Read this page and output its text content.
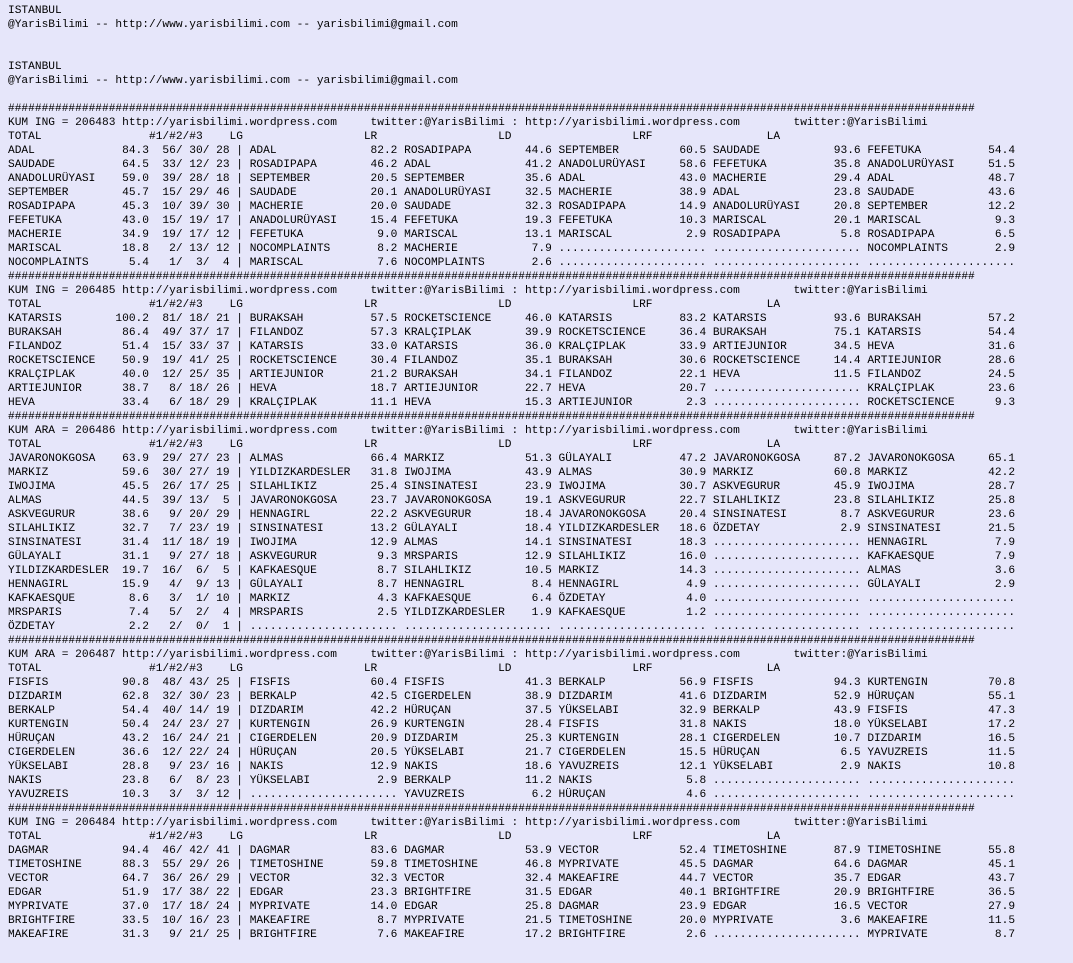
ISTANBUL
@YarisBilimi -- http://www.yarisbilimi.com -- yarisbilimi@gmail.com
ISTANBUL
@YarisBilimi -- http://www.yarisbilimi.com -- yarisbilimi@gmail.com
################################################################################################################################################
KUM ING = 206483 http://yarisbilimi.wordpress.com     twitter:@YarisBilimi : http://yarisbilimi.wordpress.com        twitter:@YarisBilimi
TOTAL                #1/#2/#3    LG                  LR                  LD                  LRF                 LA
ADAL             84.3  56/ 30/ 28 | ADAL              82.2 ROSADIPAPA        44.6 SEPTEMBER         60.5 SAUDADE           93.6 FEFETUKA          54.4
SAUDADE          64.5  33/ 12/ 23 | ROSADIPAPA        46.2 ADAL              41.2 ANADOLURÜYASI     58.6 FEFETUKA          35.8 ANADOLURÜYASI     51.5
ANADOLURÜYASI    59.0  39/ 28/ 18 | SEPTEMBER         20.5 SEPTEMBER         35.6 ADAL              43.0 MACHERIE          29.4 ADAL              48.7
SEPTEMBER        45.7  15/ 29/ 46 | SAUDADE           20.1 ANADOLURÜYASI     32.5 MACHERIE          38.9 ADAL              23.8 SAUDADE           43.6
ROSADIPAPA       45.3  10/ 39/ 30 | MACHERIE          20.0 SAUDADE           32.3 ROSADIPAPA        14.9 ANADOLURÜYASI     20.8 SEPTEMBER         12.2
FEFETUKA         43.0  15/ 19/ 17 | ANADOLURÜYASI     15.4 FEFETUKA          19.3 FEFETUKA          10.3 MARISCAL          20.1 MARISCAL           9.3
MACHERIE         34.9  19/ 17/ 12 | FEFETUKA           9.0 MARISCAL          13.1 MARISCAL           2.9 ROSADIPAPA         5.8 ROSADIPAPA         6.5
MARISCAL         18.8   2/ 13/ 12 | NOCOMPLAINTS       8.2 MACHERIE           7.9 ...................... ...................... NOCOMPLAINTS       2.9
NOCOMPLAINTS      5.4   1/  3/  4 | MARISCAL           7.6 NOCOMPLAINTS       2.6 ...................... ...................... ......................
################################################################################################################################################
KUM ING = 206485 http://yarisbilimi.wordpress.com     twitter:@YarisBilimi : http://yarisbilimi.wordpress.com        twitter:@YarisBilimi
TOTAL                #1/#2/#3    LG                  LR                  LD                  LRF                 LA
KATARSIS        100.2  81/ 18/ 21 | BURAKSAH          57.5 ROCKETSCIENCE     46.0 KATARSIS          83.2 KATARSIS          93.6 BURAKSAH          57.2
BURAKSAH         86.4  49/ 37/ 17 | FILANDOZ          57.3 KRALÇIPLAK        39.9 ROCKETSCIENCE     36.4 BURAKSAH          75.1 KATARSIS          54.4
FILANDOZ         51.4  15/ 33/ 37 | KATARSIS          33.0 KATARSIS          36.0 KRALÇIPLAK        33.9 ARTIEJUNIOR       34.5 HEVA              31.6
ROCKETSCIENCE    50.9  19/ 41/ 25 | ROCKETSCIENCE     30.4 FILANDOZ          35.1 BURAKSAH          30.6 ROCKETSCIENCE     14.4 ARTIEJUNIOR       28.6
KRALÇIPLAK       40.0  12/ 25/ 35 | ARTIEJUNIOR       21.2 BURAKSAH          34.1 FILANDOZ          22.1 HEVA              11.5 FILANDOZ          24.5
ARTIEJUNIOR      38.7   8/ 18/ 26 | HEVA              18.7 ARTIEJUNIOR       22.7 HEVA              20.7 ...................... KRALÇIPLAK        23.6
HEVA             33.4   6/ 18/ 29 | KRALÇIPLAK        11.1 HEVA              15.3 ARTIEJUNIOR        2.3 ...................... ROCKETSCIENCE      9.3
################################################################################################################################################
KUM ARA = 206486 http://yarisbilimi.wordpress.com     twitter:@YarisBilimi : http://yarisbilimi.wordpress.com        twitter:@YarisBilimi
TOTAL                #1/#2/#3    LG                  LR                  LD                  LRF                 LA
JAVARONOKGOSA    63.9  29/ 27/ 23 | ALMAS             66.4 MARKIZ            51.3 GÜLAYALI          47.2 JAVARONOKGOSA     87.2 JAVARONOKGOSA     65.1
MARKIZ           59.6  30/ 27/ 19 | YILDIZKARDESLER   31.8 IWOJIMA           43.9 ALMAS             30.9 MARKIZ            60.8 MARKIZ            42.2
IWOJIMA          45.5  26/ 17/ 25 | SILAHLIKIZ        25.4 SINSINATESI       23.9 IWOJIMA           30.7 ASKVEGURUR        45.9 IWOJIMA           28.7
ALMAS            44.5  39/ 13/  5 | JAVARONOKGOSA     23.7 JAVARONOKGOSA     19.1 ASKVEGURUR        22.7 SILAHLIKIZ        23.8 SILAHLIKIZ        25.8
ASKVEGURUR       38.6   9/ 20/ 29 | HENNAGIRL         22.2 ASKVEGURUR        18.4 JAVARONOKGOSA     20.4 SINSINATESI        8.7 ASKVEGURUR        23.6
SILAHLIKIZ       32.7   7/ 23/ 19 | SINSINATESI       13.2 GÜLAYALI          18.4 YILDIZKARDESLER   18.6 ÖZDETAY            2.9 SINSINATESI       21.5
SINSINATESI      31.4  11/ 18/ 19 | IWOJIMA           12.9 ALMAS             14.1 SINSINATESI       18.3 ...................... HENNAGIRL          7.9
GÜLAYALI         31.1   9/ 27/ 18 | ASKVEGURUR         9.3 MRSPARIS          12.9 SILAHLIKIZ        16.0 ...................... KAFKAESQUE         7.9
YILDIZKARDESLER  19.7  16/  6/  5 | KAFKAESQUE         8.7 SILAHLIKIZ        10.5 MARKIZ            14.3 ...................... ALMAS              3.6
HENNAGIRL        15.9   4/  9/ 13 | GÜLAYALI           8.7 HENNAGIRL          8.4 HENNAGIRL          4.9 ...................... GÜLAYALI           2.9
KAFKAESQUE        8.6   3/  1/ 10 | MARKIZ             4.3 KAFKAESQUE         6.4 ÖZDETAY            4.0 ...................... ......................
MRSPARIS          7.4   5/  2/  4 | MRSPARIS           2.5 YILDIZKARDESLER    1.9 KAFKAESQUE         1.2 ...................... ......................
ÖZDETAY           2.2   2/  0/  1 | ...................... ...................... ...................... ...................... ......................
################################################################################################################################################
KUM ARA = 206487 http://yarisbilimi.wordpress.com     twitter:@YarisBilimi : http://yarisbilimi.wordpress.com        twitter:@YarisBilimi
TOTAL                #1/#2/#3    LG                  LR                  LD                  LRF                 LA
FISFIS           90.8  48/ 43/ 25 | FISFIS            60.4 FISFIS            41.3 BERKALP           56.9 FISFIS            94.3 KURTENGIN         70.8
DIZDARIM         62.8  32/ 30/ 23 | BERKALP           42.5 CIGERDELEN        38.9 DIZDARIM          41.6 DIZDARIM          52.9 HÜRUÇAN           55.1
BERKALP          54.4  40/ 14/ 19 | DIZDARIM          42.2 HÜRUÇAN           37.5 YÜKSELABI         32.9 BERKALP           43.9 FISFIS            47.3
KURTENGIN        50.4  24/ 23/ 27 | KURTENGIN         26.9 KURTENGIN         28.4 FISFIS            31.8 NAKIS             18.0 YÜKSELABI         17.2
HÜRUÇAN          43.2  16/ 24/ 21 | CIGERDELEN        20.9 DIZDARIM          25.3 KURTENGIN         28.1 CIGERDELEN        10.7 DIZDARIM          16.5
CIGERDELEN       36.6  12/ 22/ 24 | HÜRUÇAN           20.5 YÜKSELABI         21.7 CIGERDELEN        15.5 HÜRUÇAN            6.5 YAVUZREIS         11.5
YÜKSELABI        28.8   9/ 23/ 16 | NAKIS             12.9 NAKIS             18.6 YAVUZREIS         12.1 YÜKSELABI          2.9 NAKIS             10.8
NAKIS            23.8   6/  8/ 23 | YÜKSELABI          2.9 BERKALP           11.2 NAKIS              5.8 ...................... ......................
YAVUZREIS        10.3   3/  3/ 12 | ...................... YAVUZREIS          6.2 HÜRUÇAN            4.6 ...................... ......................
################################################################################################################################################
KUM ING = 206484 http://yarisbilimi.wordpress.com     twitter:@YarisBilimi : http://yarisbilimi.wordpress.com        twitter:@YarisBilimi
TOTAL                #1/#2/#3    LG                  LR                  LD                  LRF                 LA
DAGMAR           94.4  46/ 42/ 41 | DAGMAR            83.6 DAGMAR            53.9 VECTOR            52.4 TIMETOSHINE       87.9 TIMETOSHINE       55.8
TIMETOSHINE      88.3  55/ 29/ 26 | TIMETOSHINE       59.8 TIMETOSHINE       46.8 MYPRIVATE         45.5 DAGMAR            64.6 DAGMAR            45.1
VECTOR           64.7  36/ 26/ 29 | VECTOR            32.3 VECTOR            32.4 MAKEAFIRE         44.7 VECTOR            35.7 EDGAR             43.7
EDGAR            51.9  17/ 38/ 22 | EDGAR             23.3 BRIGHTFIRE        31.5 EDGAR             40.1 BRIGHTFIRE        20.9 BRIGHTFIRE        36.5
MYPRIVATE        37.0  17/ 18/ 24 | MYPRIVATE         14.0 EDGAR             25.8 DAGMAR            23.9 EDGAR             16.5 VECTOR            27.9
BRIGHTFIRE       33.5  10/ 16/ 23 | MAKEAFIRE          8.7 MYPRIVATE         21.5 TIMETOSHINE       20.0 MYPRIVATE          3.6 MAKEAFIRE         11.5
MAKEAFIRE        31.3   9/ 21/ 25 | BRIGHTFIRE         7.6 MAKEAFIRE         17.2 BRIGHTFIRE         2.6 ...................... MYPRIVATE          8.7
